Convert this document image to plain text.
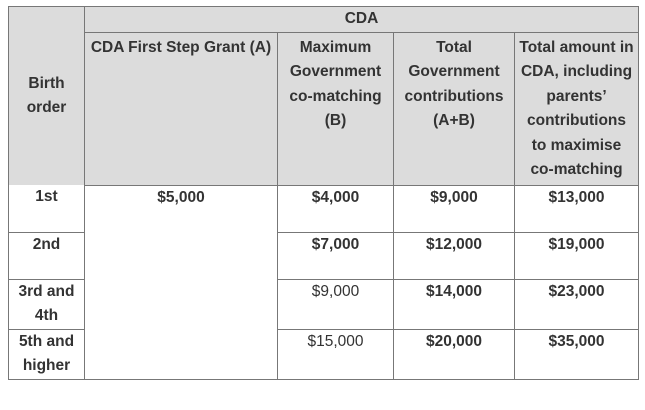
Birth order	CDA			
	CDA First Step Grant (A)	Maximum Government co-matching (B)	Total Government contributions (A+B)	Total amount in CDA, including parents’ contributions to maximise co-matching
1st	$5,000	$4,000	$9,000	$13,000
2nd		$7,000	$12,000	$19,000
3rd and 4th		$9,000	$14,000	$23,000
5th and higher		$15,000	$20,000	$35,000
